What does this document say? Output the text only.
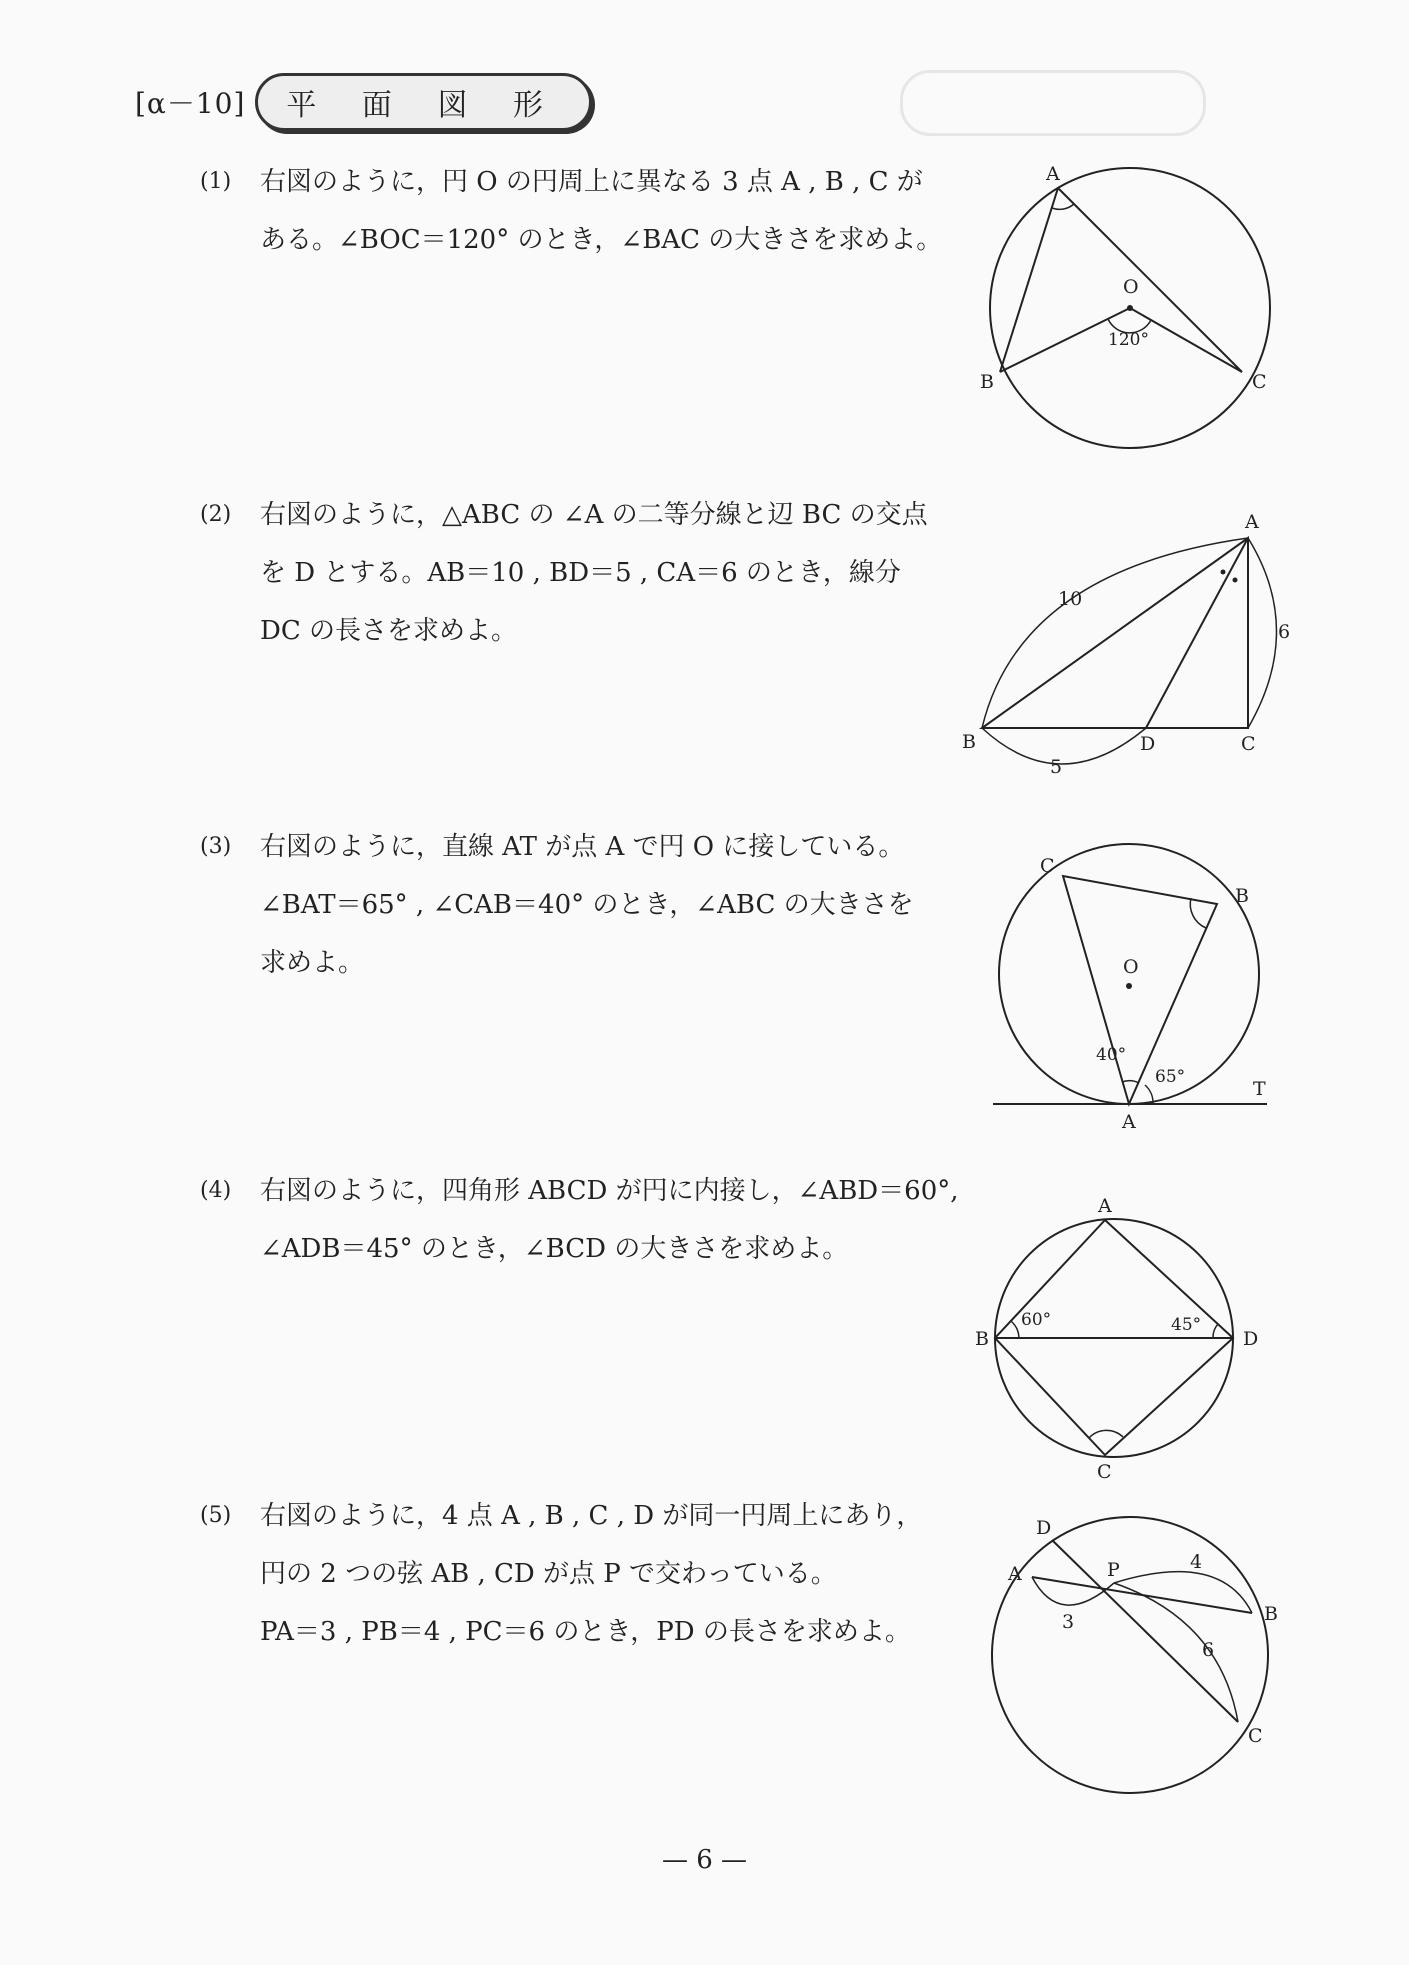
[α－10]	平 面 図 形
(1)	右図のように，円 O の円周上に異なる 3 点 A , B , C が
ある。∠BOC＝120° のとき，∠BAC の大きさを求めよ。
A
B	C
O
120°
(2)	右図のように，△ABC の ∠A の二等分線と辺 BC の交点
を D とする。AB＝10 , BD＝5 , CA＝6 のとき，線分
DC の長さを求めよ。
A
B	C
D
10
5
6
(3)	右図のように，直線 AT が点 A で円 O に接している。
∠BAT＝65° , ∠CAB＝40° のとき，∠ABC の大きさを
求めよ。
A
B
C
O
T
40°
65°
(4)	右図のように，四角形 ABCD が円に内接し，∠ABD＝60°,
∠ADB＝45° のとき，∠BCD の大きさを求めよ。
A
B
C
D
60°	45°
(5)	右図のように，4 点 A , B , C , D が同一円周上にあり，
円の 2 つの弦 AB , CD が点 P で交わっている。
PA＝3 , PB＝4 , PC＝6 のとき，PD の長さを求めよ。
A
B
C
D
P
3
4
6
— 6 —
